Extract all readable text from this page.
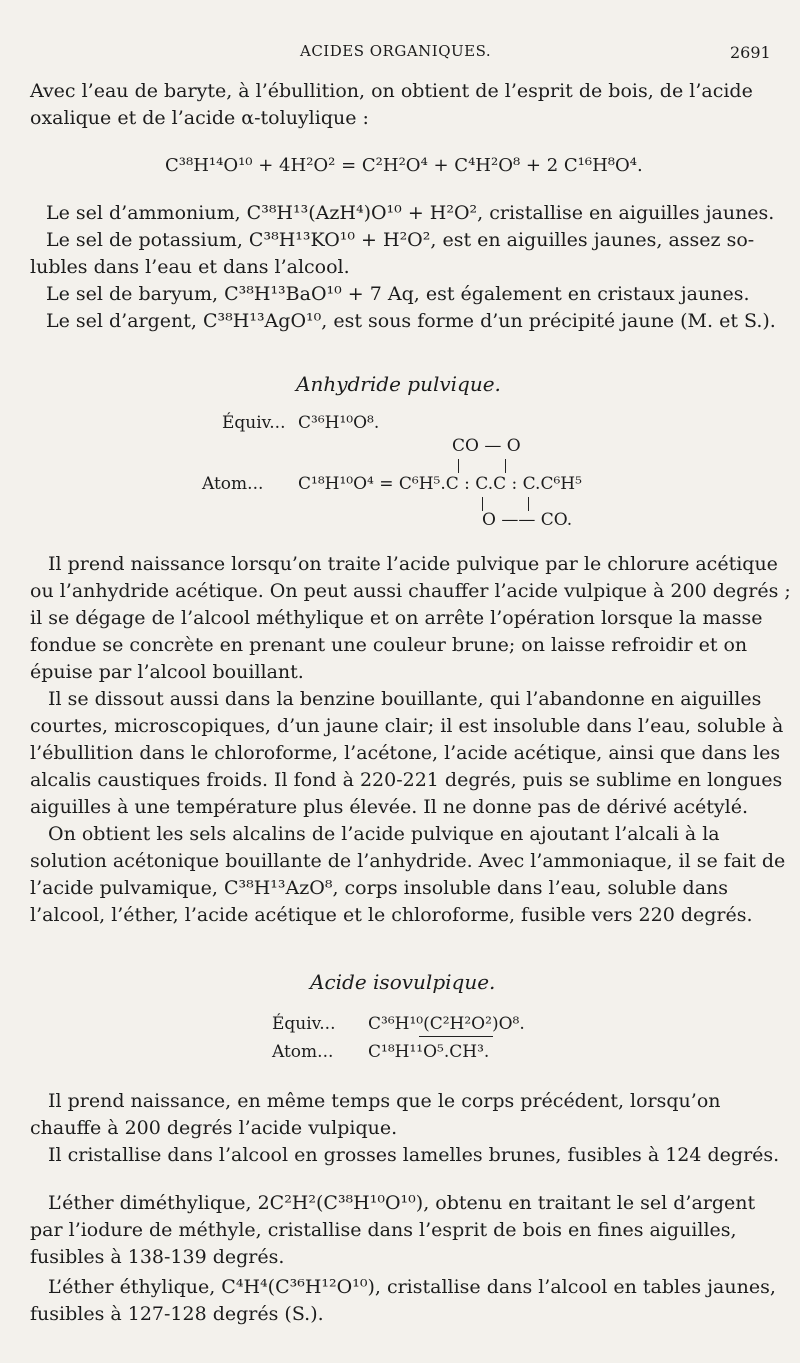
ACIDES ORGANIQUES.	2691
Avec l’eau de baryte, à l’ébullition, on obtient de l’esprit de bois, de l’acide
oxalique et de l’acide α-toluylique :
C³⁸H¹⁴O¹⁰ + 4H²O² = C²H²O⁴ + C⁴H²O⁸ + 2 C¹⁶H⁸O⁴.
Le sel d’ammonium, C³⁸H¹³(AzH⁴)O¹⁰ + H²O², cristallise en aiguilles jaunes.
Le sel de potassium, C³⁸H¹³KO¹⁰ + H²O², est en aiguilles jaunes, assez so-
lubles dans l’eau et dans l’alcool.
Le sel de baryum, C³⁸H¹³BaO¹⁰ + 7 Aq, est également en cristaux jaunes.
Le sel d’argent, C³⁸H¹³AgO¹⁰, est sous forme d’un précipité jaune (M. et S.).
Anhydride pulvique.
Équiv... C³⁶H¹⁰O⁸.
CO — O
Atom... C¹⁸H¹⁰O⁴ = C⁶H⁵.C : C.C : C.C⁶H⁵
O —— CO.
Il prend naissance lorsqu’on traite l’acide pulvique par le chlorure acétique
ou l’anhydride acétique. On peut aussi chauffer l’acide vulpique à 200 degrés ;
il se dégage de l’alcool méthylique et on arrête l’opération lorsque la masse
fondue se concrète en prenant une couleur brune; on laisse refroidir et on
épuise par l’alcool bouillant.
Il se dissout aussi dans la benzine bouillante, qui l’abandonne en aiguilles
courtes, microscopiques, d’un jaune clair; il est insoluble dans l’eau, soluble à
l’ébullition dans le chloroforme, l’acétone, l’acide acétique, ainsi que dans les
alcalis caustiques froids. Il fond à 220-221 degrés, puis se sublime en longues
aiguilles à une température plus élevée. Il ne donne pas de dérivé acétylé.
On obtient les sels alcalins de l’acide pulvique en ajoutant l’alcali à la
solution acétonique bouillante de l’anhydride. Avec l’ammoniaque, il se fait de
l’acide pulvamique, C³⁸H¹³AzO⁸, corps insoluble dans l’eau, soluble dans
l’alcool, l’éther, l’acide acétique et le chloroforme, fusible vers 220 degrés.
Acide isovulpique.
Équiv... C³⁶H¹⁰(C²H²O²)O⁸.
Atom... C¹⁸H¹¹O⁵.CH³.
Il prend naissance, en même temps que le corps précédent, lorsqu’on
chauffe à 200 degrés l’acide vulpique.
Il cristallise dans l’alcool en grosses lamelles brunes, fusibles à 124 degrés.
L’éther diméthylique, 2C²H²(C³⁸H¹⁰O¹⁰), obtenu en traitant le sel d’argent
par l’iodure de méthyle, cristallise dans l’esprit de bois en fines aiguilles,
fusibles à 138-139 degrés.
L’éther éthylique, C⁴H⁴(C³⁶H¹²O¹⁰), cristallise dans l’alcool en tables jaunes,
fusibles à 127-128 degrés (S.).
